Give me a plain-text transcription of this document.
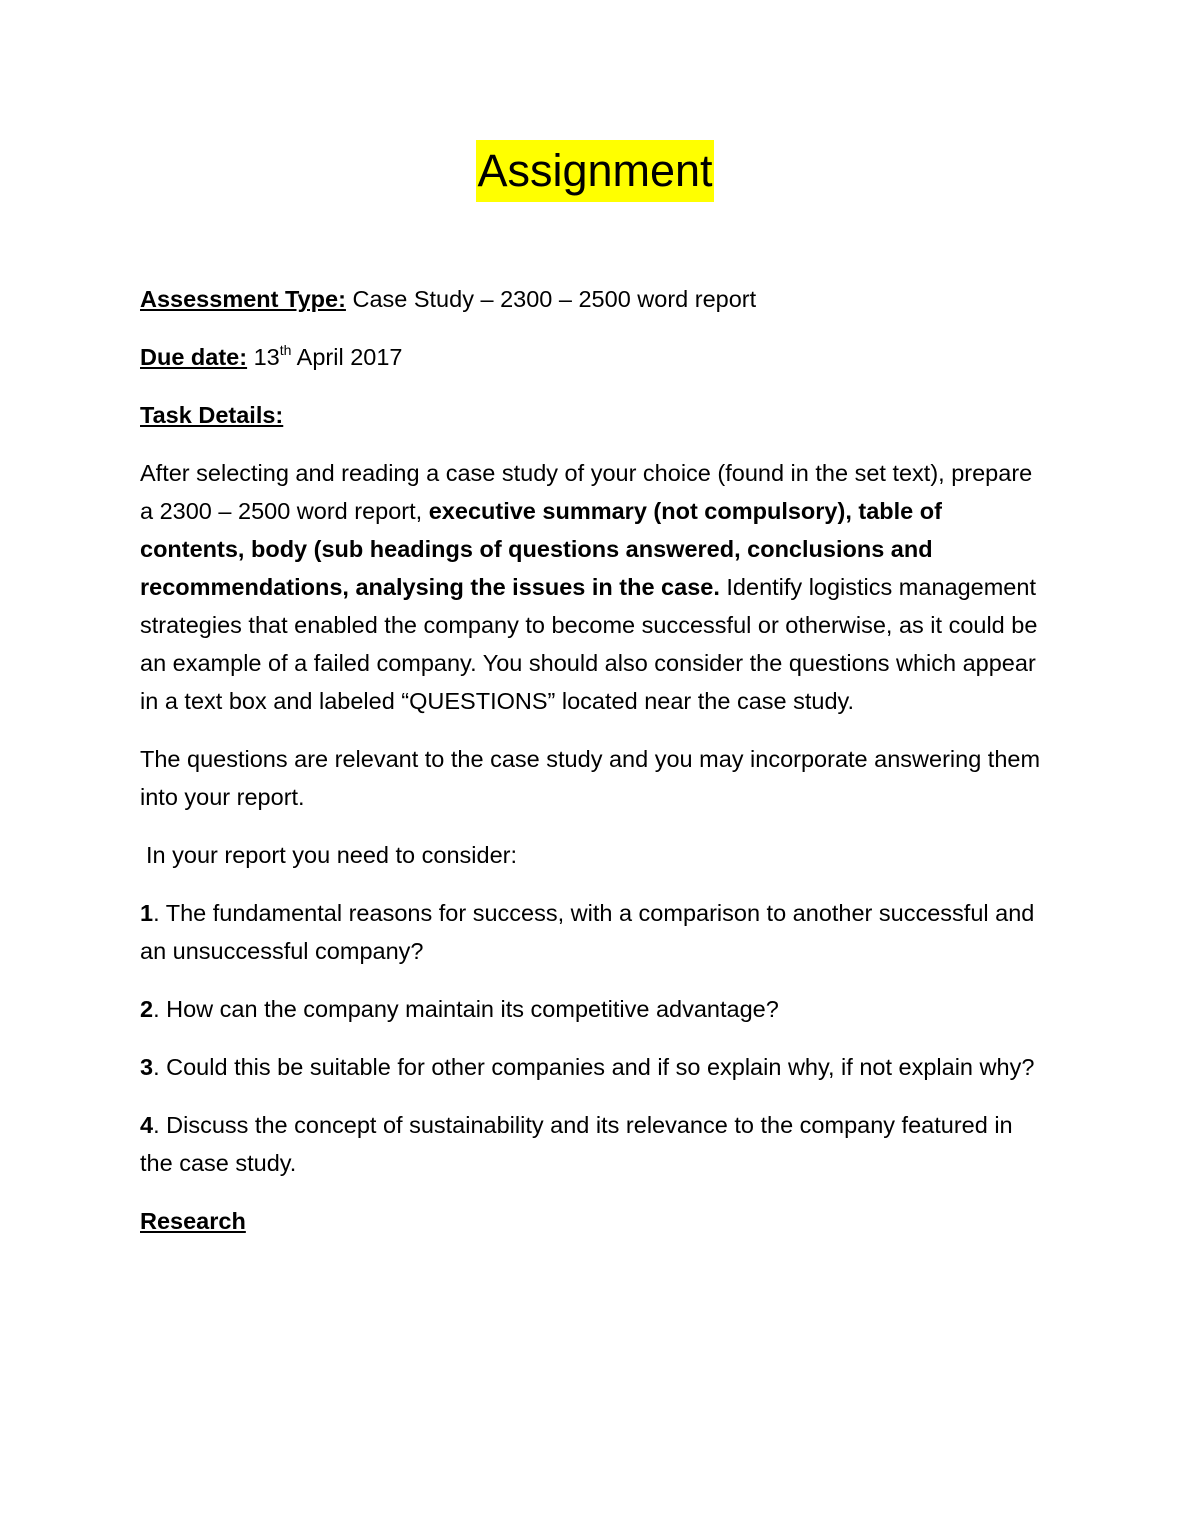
Assignment

Assessment Type: Case Study – 2300 – 2500 word report

Due date: 13th April 2017

Task Details:

After selecting and reading a case study of your choice (found in the set text), prepare a 2300 – 2500 word report, executive summary (not compulsory), table of contents, body (sub headings of questions answered, conclusions and recommendations, analysing the issues in the case. Identify logistics management strategies that enabled the company to become successful or otherwise, as it could be an example of a failed company. You should also consider the questions which appear in a text box and labeled “QUESTIONS” located near the case study.

The questions are relevant to the case study and you may incorporate answering them into your report.

In your report you need to consider:

1. The fundamental reasons for success, with a comparison to another successful and an unsuccessful company?

2. How can the company maintain its competitive advantage?

3. Could this be suitable for other companies and if so explain why, if not explain why?

4. Discuss the concept of sustainability and its relevance to the company featured in the case study.

Research
